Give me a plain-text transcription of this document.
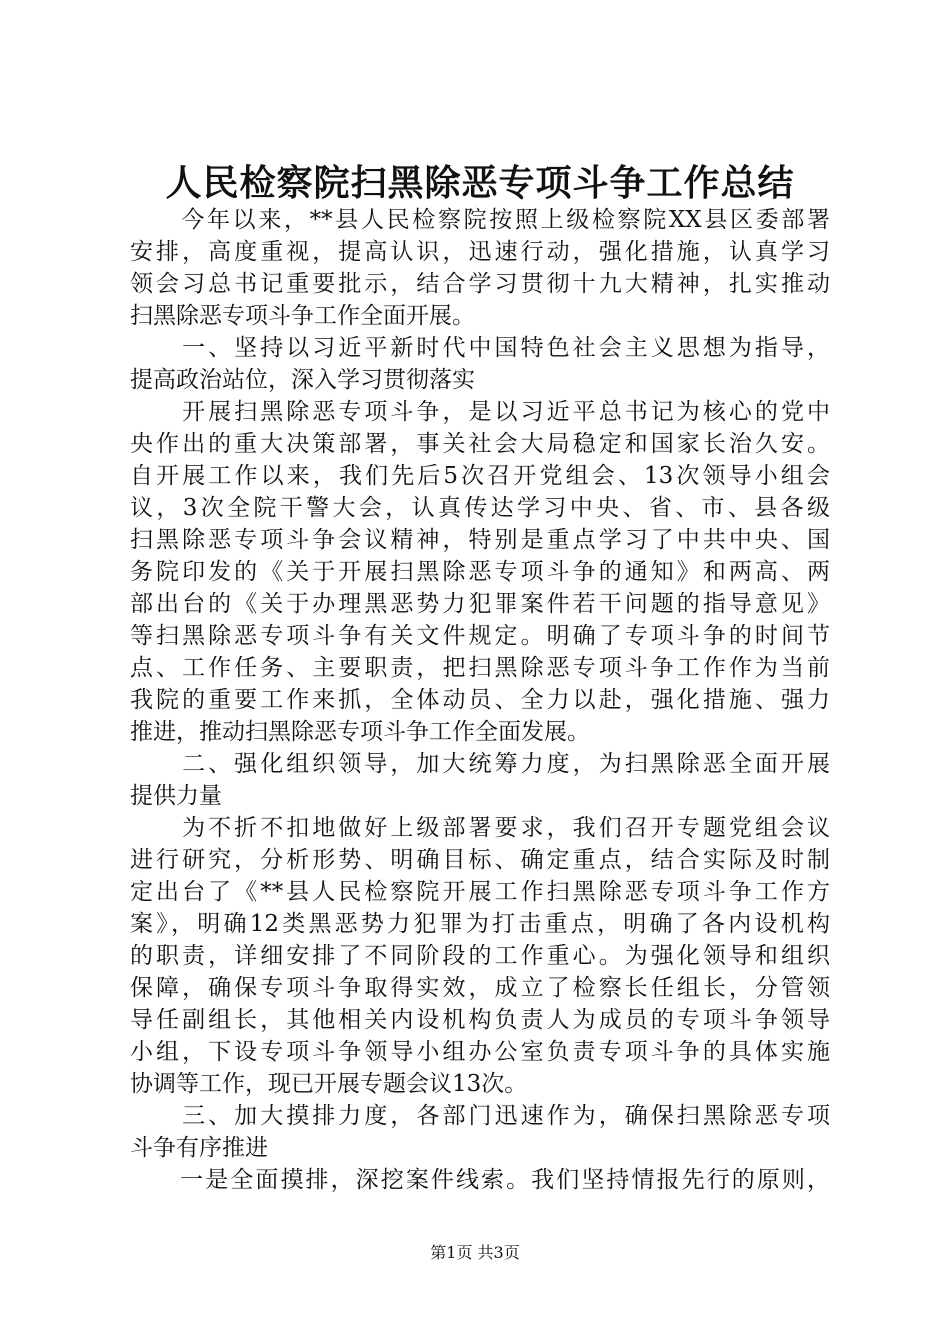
人民检察院扫黑除恶专项斗争工作总结
　　今年以来，**县人民检察院按照上级检察院XX县区委部署
安排，高度重视，提高认识，迅速行动，强化措施，认真学习
领会习总书记重要批示，结合学习贯彻十九大精神，扎实推动
扫黑除恶专项斗争工作全面开展。
　　一、坚持以习近平新时代中国特色社会主义思想为指导，
提高政治站位，深入学习贯彻落实
　　开展扫黑除恶专项斗争，是以习近平总书记为核心的党中
央作出的重大决策部署，事关社会大局稳定和国家长治久安。
自开展工作以来，我们先后5次召开党组会、13次领导小组会
议，3次全院干警大会，认真传达学习中央、省、市、县各级
扫黑除恶专项斗争会议精神，特别是重点学习了中共中央、国
务院印发的《关于开展扫黑除恶专项斗争的通知》和两高、两
部出台的《关于办理黑恶势力犯罪案件若干问题的指导意见》
等扫黑除恶专项斗争有关文件规定。明确了专项斗争的时间节
点、工作任务、主要职责，把扫黑除恶专项斗争工作作为当前
我院的重要工作来抓，全体动员、全力以赴，强化措施、强力
推进，推动扫黑除恶专项斗争工作全面发展。
　　二、强化组织领导，加大统筹力度，为扫黑除恶全面开展
提供力量
　　为不折不扣地做好上级部署要求，我们召开专题党组会议
进行研究，分析形势、明确目标、确定重点，结合实际及时制
定出台了《**县人民检察院开展工作扫黑除恶专项斗争工作方
案》，明确12类黑恶势力犯罪为打击重点，明确了各内设机构
的职责，详细安排了不同阶段的工作重心。为强化领导和组织
保障，确保专项斗争取得实效，成立了检察长任组长，分管领
导任副组长，其他相关内设机构负责人为成员的专项斗争领导
小组，下设专项斗争领导小组办公室负责专项斗争的具体实施
协调等工作，现已开展专题会议13次。
　　三、加大摸排力度，各部门迅速作为，确保扫黑除恶专项
斗争有序推进
　　一是全面摸排，深挖案件线索。我们坚持情报先行的原则，
第1页 共3页
